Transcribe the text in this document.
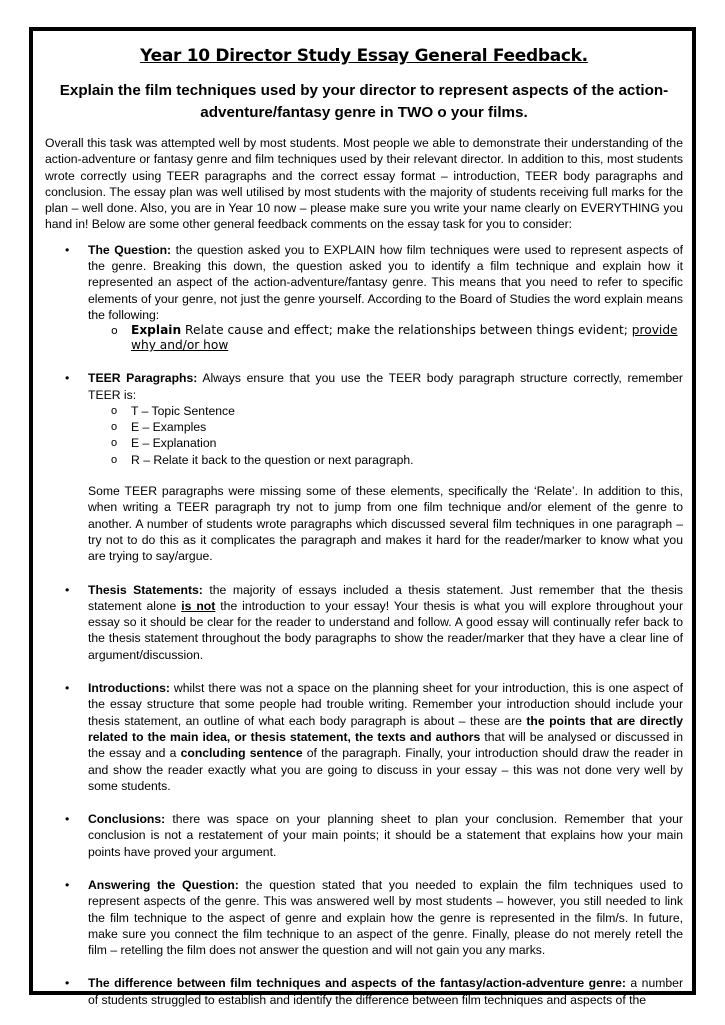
Year 10 Director Study Essay General Feedback.

Explain the film techniques used by your director to represent aspects of the action-adventure/fantasy genre in TWO o your films.

Overall this task was attempted well by most students. Most people we able to demonstrate their understanding of the action-adventure or fantasy genre and film techniques used by their relevant director. In addition to this, most students wrote correctly using TEER paragraphs and the correct essay format – introduction, TEER body paragraphs and conclusion. The essay plan was well utilised by most students with the majority of students receiving full marks for the plan – well done. Also, you are in Year 10 now – please make sure you write your name clearly on EVERYTHING you hand in! Below are some other general feedback comments on the essay task for you to consider:

• The Question: the question asked you to EXPLAIN how film techniques were used to represent aspects of the genre. Breaking this down, the question asked you to identify a film technique and explain how it represented an aspect of the action-adventure/fantasy genre. This means that you need to refer to specific elements of your genre, not just the genre yourself. According to the Board of Studies the word explain means the following:
o Explain Relate cause and effect; make the relationships between things evident; provide why and/or how
• TEER Paragraphs: Always ensure that you use the TEER body paragraph structure correctly, remember TEER is:
o T – Topic Sentence
o E – Examples
o E – Explanation
o R – Relate it back to the question or next paragraph.

Some TEER paragraphs were missing some of these elements, specifically the ‘Relate’. In addition to this, when writing a TEER paragraph try not to jump from one film technique and/or element of the genre to another. A number of students wrote paragraphs which discussed several film techniques in one paragraph – try not to do this as it complicates the paragraph and makes it hard for the reader/marker to know what you are trying to say/argue.

• Thesis Statements: the majority of essays included a thesis statement. Just remember that the thesis statement alone is not the introduction to your essay! Your thesis is what you will explore throughout your essay so it should be clear for the reader to understand and follow. A good essay will continually refer back to the thesis statement throughout the body paragraphs to show the reader/marker that they have a clear line of argument/discussion.
• Introductions: whilst there was not a space on the planning sheet for your introduction, this is one aspect of the essay structure that some people had trouble writing. Remember your introduction should include your thesis statement, an outline of what each body paragraph is about – these are the points that are directly related to the main idea, or thesis statement, the texts and authors that will be analysed or discussed in the essay and a concluding sentence of the paragraph. Finally, your introduction should draw the reader in and show the reader exactly what you are going to discuss in your essay – this was not done very well by some students.
• Conclusions: there was space on your planning sheet to plan your conclusion. Remember that your conclusion is not a restatement of your main points; it should be a statement that explains how your main points have proved your argument.
• Answering the Question: the question stated that you needed to explain the film techniques used to represent aspects of the genre. This was answered well by most students – however, you still needed to link the film technique to the aspect of genre and explain how the genre is represented in the film/s. In future, make sure you connect the film technique to an aspect of the genre. Finally, please do not merely retell the film – retelling the film does not answer the question and will not gain you any marks.
• The difference between film techniques and aspects of the fantasy/action-adventure genre: a number of students struggled to establish and identify the difference between film techniques and aspects of the
